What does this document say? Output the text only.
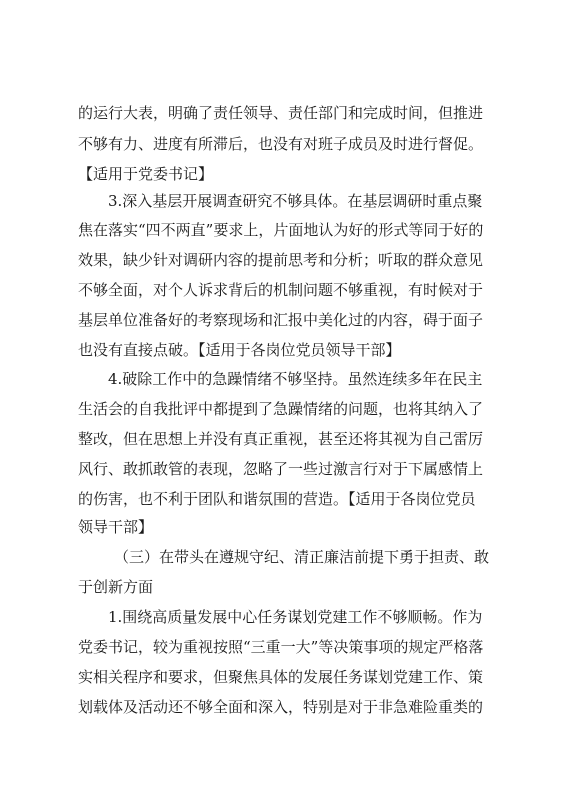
的运行大表，明确了责任领导、责任部门和完成时间，但推进
不够有力、进度有所滞后，也没有对班子成员及时进行督促。
【适用于党委书记】
3.深入基层开展调查研究不够具体。在基层调研时重点聚
焦在落实“四不两直”要求上，片面地认为好的形式等同于好的
效果，缺少针对调研内容的提前思考和分析；听取的群众意见
不够全面，对个人诉求背后的机制问题不够重视，有时候对于
基层单位准备好的考察现场和汇报中美化过的内容，碍于面子
也没有直接点破。【适用于各岗位党员领导干部】
4.破除工作中的急躁情绪不够坚持。虽然连续多年在民主
生活会的自我批评中都提到了急躁情绪的问题，也将其纳入了
整改，但在思想上并没有真正重视，甚至还将其视为自己雷厉
风行、敢抓敢管的表现，忽略了一些过激言行对于下属感情上
的伤害，也不利于团队和谐氛围的营造。【适用于各岗位党员
领导干部】
（三）在带头在遵规守纪、清正廉洁前提下勇于担责、敢
于创新方面
1.围绕高质量发展中心任务谋划党建工作不够顺畅。作为
党委书记，较为重视按照“三重一大”等决策事项的规定严格落
实相关程序和要求，但聚焦具体的发展任务谋划党建工作、策
划载体及活动还不够全面和深入，特别是对于非急难险重类的
